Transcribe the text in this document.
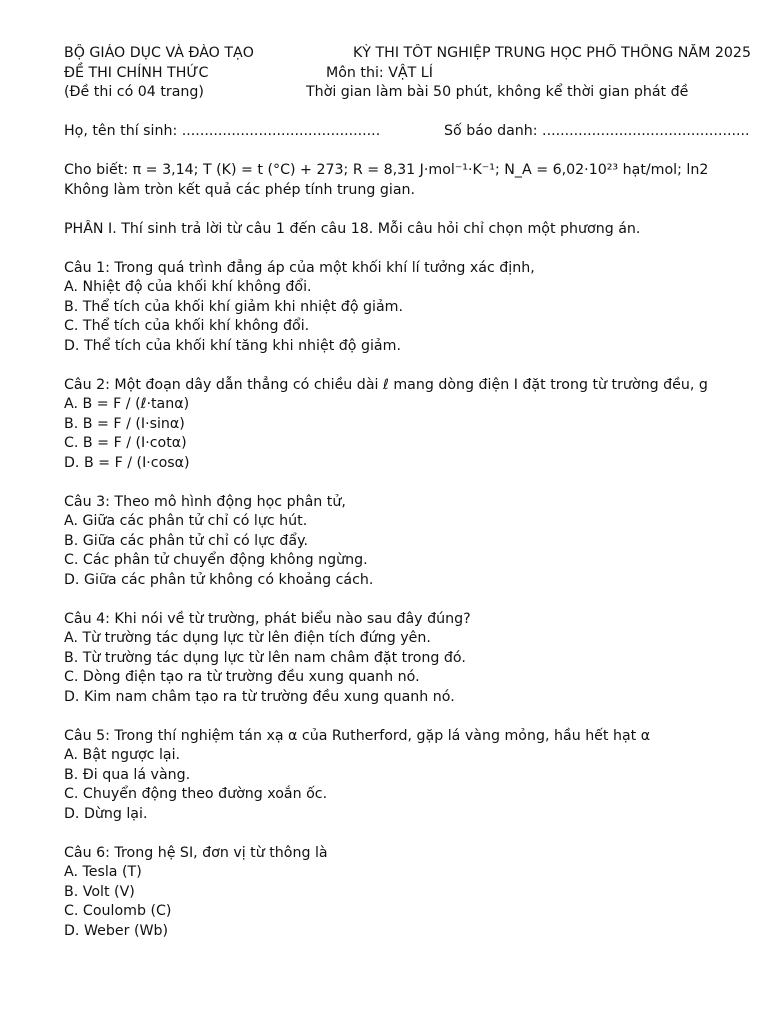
BỘ GIÁO DỤC VÀ ĐÀO TẠO	KỲ THI TỐT NGHIỆP TRUNG HỌC PHỔ THÔNG NĂM 2025
ĐỀ THI CHÍNH THỨC	Môn thi: VẬT LÍ
(Đề thi có 04 trang)	Thời gian làm bài 50 phút, không kể thời gian phát đề
Họ, tên thí sinh: ............................................	Số báo danh: ..............................................
Cho biết: π = 3,14; T (K) = t (°C) + 273; R = 8,31 J·mol⁻¹·K⁻¹; N_A = 6,02·10²³ hạt/mol; ln2
Không làm tròn kết quả các phép tính trung gian.
PHẦN I. Thí sinh trả lời từ câu 1 đến câu 18. Mỗi câu hỏi chỉ chọn một phương án.
Câu 1: Trong quá trình đẳng áp của một khối khí lí tưởng xác định,
A. Nhiệt độ của khối khí không đổi.
B. Thể tích của khối khí giảm khi nhiệt độ giảm.
C. Thể tích của khối khí không đổi.
D. Thể tích của khối khí tăng khi nhiệt độ giảm.
Câu 2: Một đoạn dây dẫn thẳng có chiều dài ℓ mang dòng điện I đặt trong từ trường đều, g
A. B = F / (ℓ·tanα)
B. B = F / (I·sinα)
C. B = F / (I·cotα)
D. B = F / (I·cosα)
Câu 3: Theo mô hình động học phân tử,
A. Giữa các phân tử chỉ có lực hút.
B. Giữa các phân tử chỉ có lực đẩy.
C. Các phân tử chuyển động không ngừng.
D. Giữa các phân tử không có khoảng cách.
Câu 4: Khi nói về từ trường, phát biểu nào sau đây đúng?
A. Từ trường tác dụng lực từ lên điện tích đứng yên.
B. Từ trường tác dụng lực từ lên nam châm đặt trong đó.
C. Dòng điện tạo ra từ trường đều xung quanh nó.
D. Kim nam châm tạo ra từ trường đều xung quanh nó.
Câu 5: Trong thí nghiệm tán xạ α của Rutherford, gặp lá vàng mỏng, hầu hết hạt α
A. Bật ngược lại.
B. Đi qua lá vàng.
C. Chuyển động theo đường xoắn ốc.
D. Dừng lại.
Câu 6: Trong hệ SI, đơn vị từ thông là
A. Tesla (T)
B. Volt (V)
C. Coulomb (C)
D. Weber (Wb)
